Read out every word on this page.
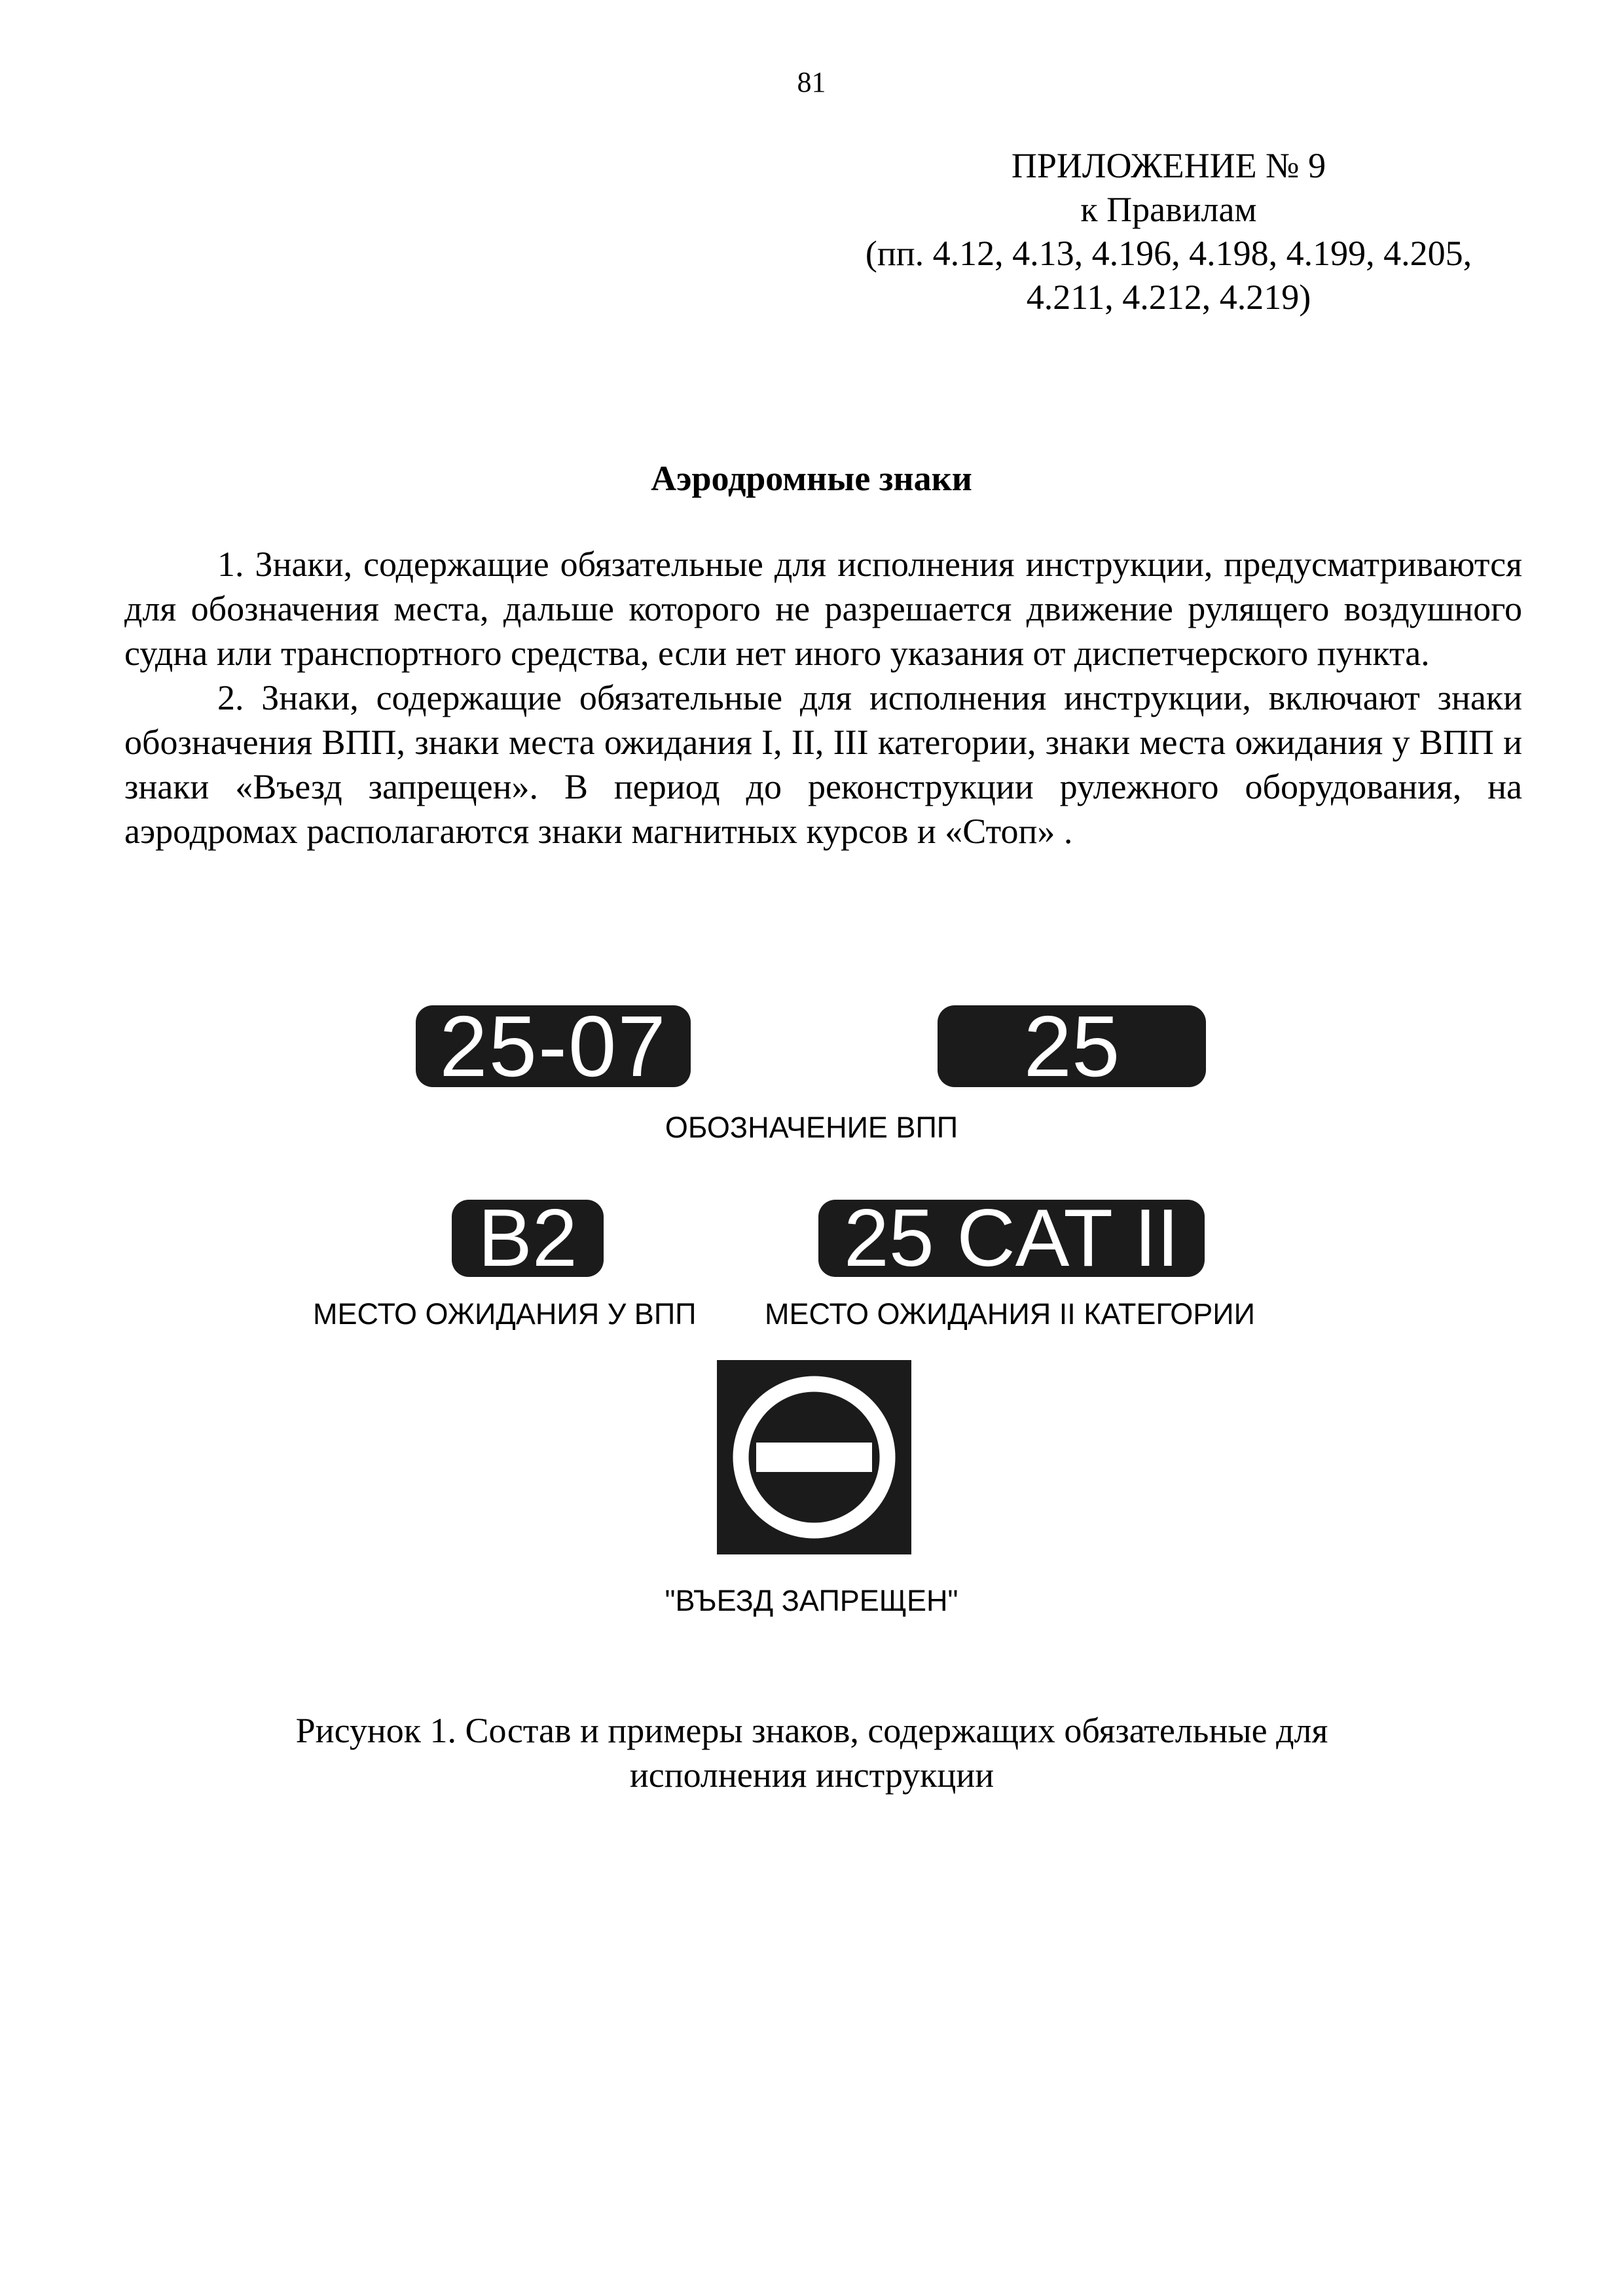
81
ПРИЛОЖЕНИЕ № 9
к Правилам
(пп. 4.12, 4.13, 4.196, 4.198, 4.199, 4.205,
4.211, 4.212, 4.219)
Аэродромные знаки

1. Знаки, содержащие обязательные для исполнения инструкции, предусматриваются для обозначения места, дальше которого не разрешается движение рулящего воздушного судна или транспортного средства, если нет иного указания от диспетчерского пункта.

2. Знаки, содержащие обязательные для исполнения инструкции, включают знаки обозначения ВПП, знаки места ожидания I, II, III категории, знаки места ожидания у ВПП и знаки «Въезд запрещен». В период до реконструкции рулежного оборудования, на аэродромах располагаются знаки магнитных курсов и «Стоп» .

25-07	25
ОБОЗНАЧЕНИЕ ВПП
B2	25 CAT II
МЕСТО ОЖИДАНИЯ У ВПП МЕСТО ОЖИДАНИЯ II КАТЕГОРИИ
"ВЪЕЗД ЗАПРЕЩЕН"
Рисунок 1. Состав и примеры знаков, содержащих обязательные для
исполнения инструкции
